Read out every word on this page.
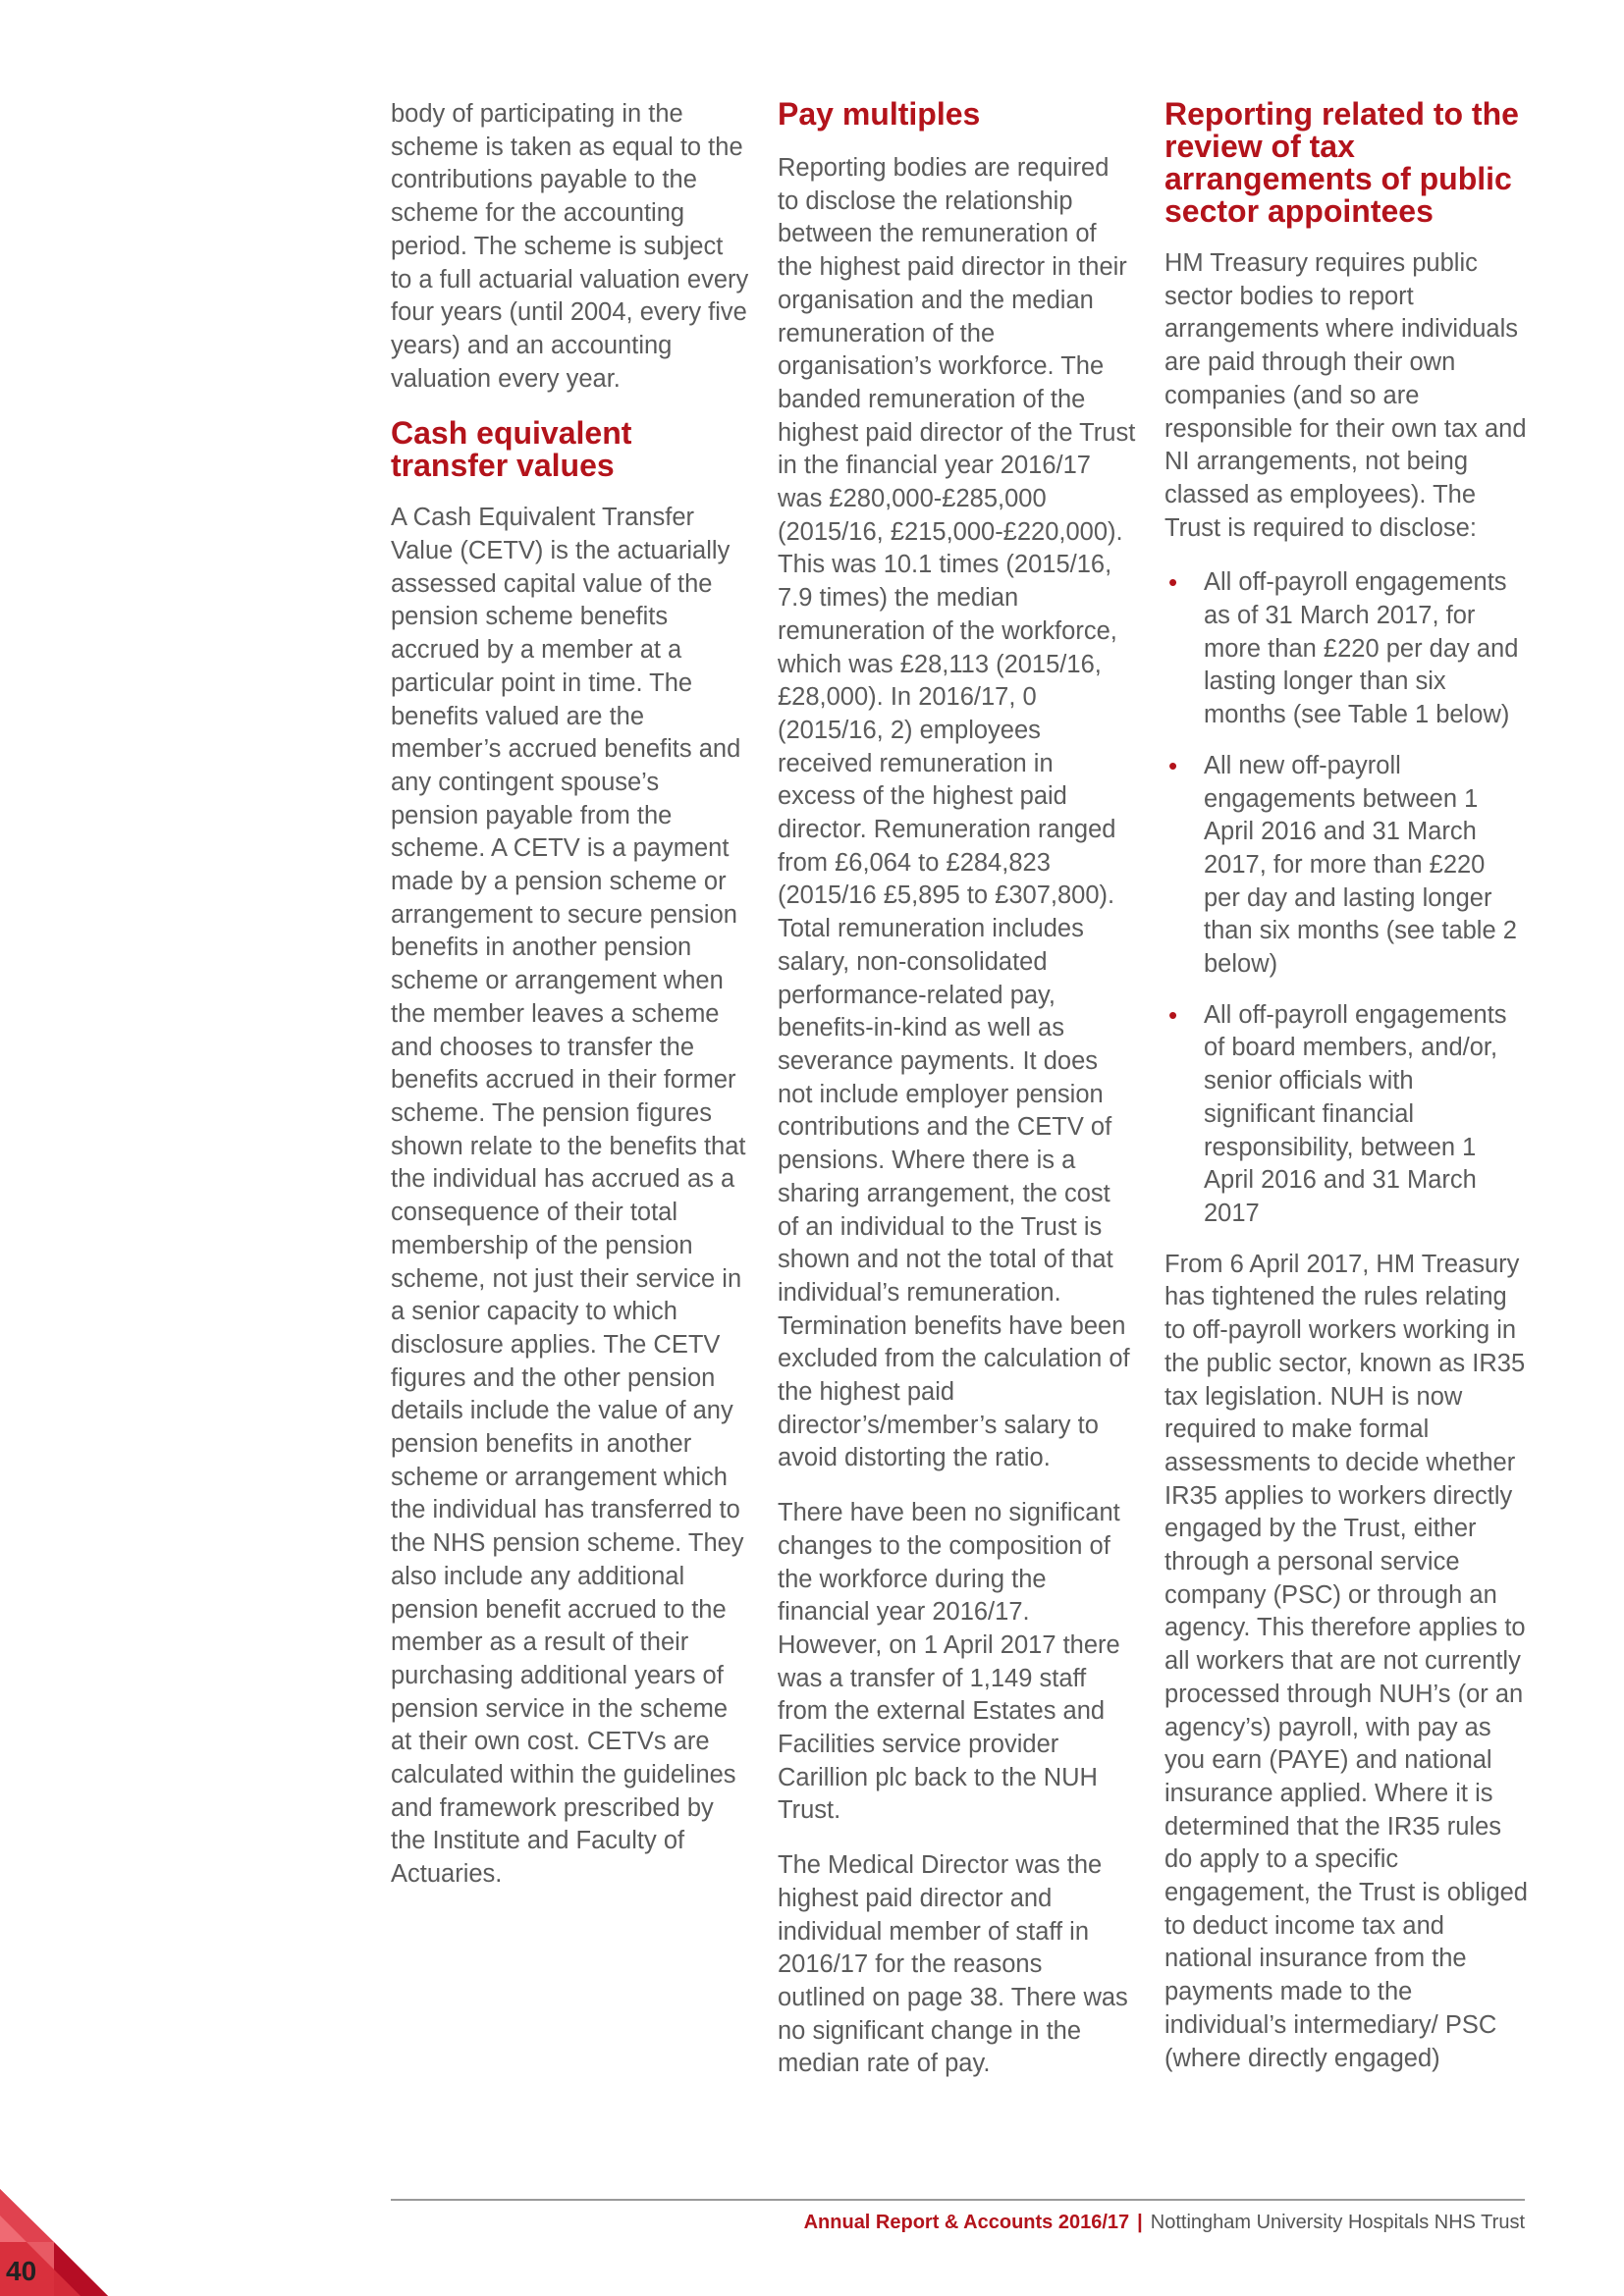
body of participating in the scheme is taken as equal to the contributions payable to the scheme for the accounting period. The scheme is subject to a full actuarial valuation every four years (until 2004, every five years) and an accounting valuation every year.

Cash equivalent transfer values

A Cash Equivalent Transfer Value (CETV) is the actuarially assessed capital value of the pension scheme benefits accrued by a member at a particular point in time. The benefits valued are the member’s accrued benefits and any contingent spouse’s pension payable from the scheme. A CETV is a payment made by a pension scheme or arrangement to secure pension benefits in another pension scheme or arrangement when the member leaves a scheme and chooses to transfer the benefits accrued in their former scheme. The pension figures shown relate to the benefits that the individual has accrued as a consequence of their total membership of the pension scheme, not just their service in a senior capacity to which disclosure applies. The CETV figures and the other pension details include the value of any pension benefits in another scheme or arrangement which the individual has transferred to the NHS pension scheme. They also include any additional pension benefit accrued to the member as a result of their purchasing additional years of pension service in the scheme at their own cost. CETVs are calculated within the guidelines and framework prescribed by the Institute and Faculty of Actuaries.

Pay multiples

Reporting bodies are required to disclose the relationship between the remuneration of the highest paid director in their organisation and the median remuneration of the organisation’s workforce. The banded remuneration of the highest paid director of the Trust in the financial year 2016/17 was £280,000-£285,000 (2015/16, £215,000-£220,000). This was 10.1 times (2015/16, 7.9 times) the median remuneration of the workforce, which was £28,113 (2015/16, £28,000). In 2016/17, 0 (2015/16, 2) employees received remuneration in excess of the highest paid director. Remuneration ranged from £6,064 to £284,823 (2015/16 £5,895 to £307,800). Total remuneration includes salary, non-consolidated performance-related pay, benefits-in-kind as well as severance payments. It does not include employer pension contributions and the CETV of pensions. Where there is a sharing arrangement, the cost of an individual to the Trust is shown and not the total of that individual’s remuneration. Termination benefits have been excluded from the calculation of the highest paid director’s/member’s salary to avoid distorting the ratio.

There have been no significant changes to the composition of the workforce during the financial year 2016/17. However, on 1 April 2017 there was a transfer of 1,149 staff from the external Estates and Facilities service provider Carillion plc back to the NUH Trust.

The Medical Director was the highest paid director and individual member of staff in 2016/17 for the reasons outlined on page 38. There was no significant change in the median rate of pay.

Reporting related to the review of tax arrangements of public sector appointees

HM Treasury requires public sector bodies to report arrangements where individuals are paid through their own companies (and so are responsible for their own tax and NI arrangements, not being classed as employees). The Trust is required to disclose:

• All off-payroll engagements as of 31 March 2017, for more than £220 per day and lasting longer than six months (see Table 1 below)
• All new off-payroll engagements between 1 April 2016 and 31 March 2017, for more than £220 per day and lasting longer than six months (see table 2 below)
• All off-payroll engagements of board members, and/or, senior officials with significant financial responsibility, between 1 April 2016 and 31 March 2017

From 6 April 2017, HM Treasury has tightened the rules relating to off-payroll workers working in the public sector, known as IR35 tax legislation. NUH is now required to make formal assessments to decide whether IR35 applies to workers directly engaged by the Trust, either through a personal service company (PSC) or through an agency. This therefore applies to all workers that are not currently processed through NUH’s (or an agency’s) payroll, with pay as you earn (PAYE) and national insurance applied. Where it is determined that the IR35 rules do apply to a specific engagement, the Trust is obliged to deduct income tax and national insurance from the payments made to the individual’s intermediary/ PSC (where directly engaged)

Annual Report & Accounts 2016/17 | Nottingham University Hospitals NHS Trust
40
